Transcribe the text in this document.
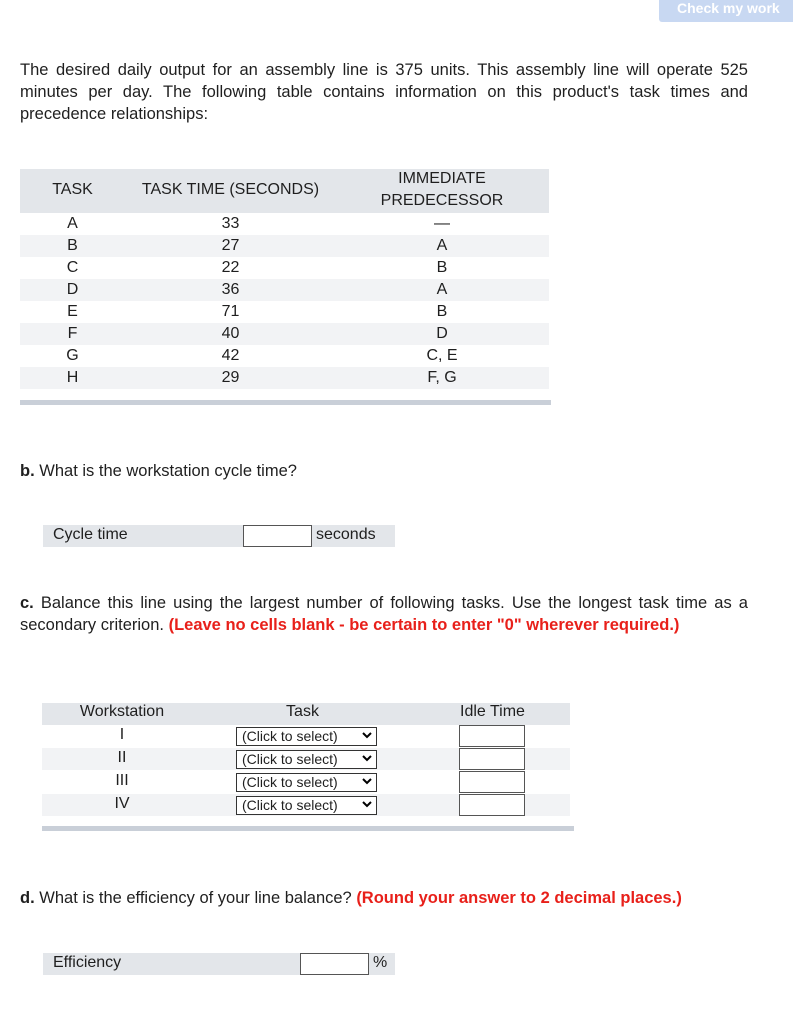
Check my work
The desired daily output for an assembly line is 375 units. This assembly line will operate 525 minutes per day. The following table contains information on this product's task times and precedence relationships:
TASK	TASK TIME (SECONDS)
IMMEDIATE
PREDECESSOR
A	33	—
B	27	A
C	22	B
D	36	A
E	71	B
F	40	D
G	42	C, E
H	29	F, G
b. What is the workstation cycle time?
Cycle time	seconds
c. Balance this line using the largest number of following tasks. Use the longest task time as a secondary criterion. (Leave no cells blank - be certain to enter "0" wherever required.)
Workstation	Task	Idle Time
I	(Click to select)
II	(Click to select)
III	(Click to select)
IV	(Click to select)
d. What is the efficiency of your line balance? (Round your answer to 2 decimal places.)
Efficiency	%
